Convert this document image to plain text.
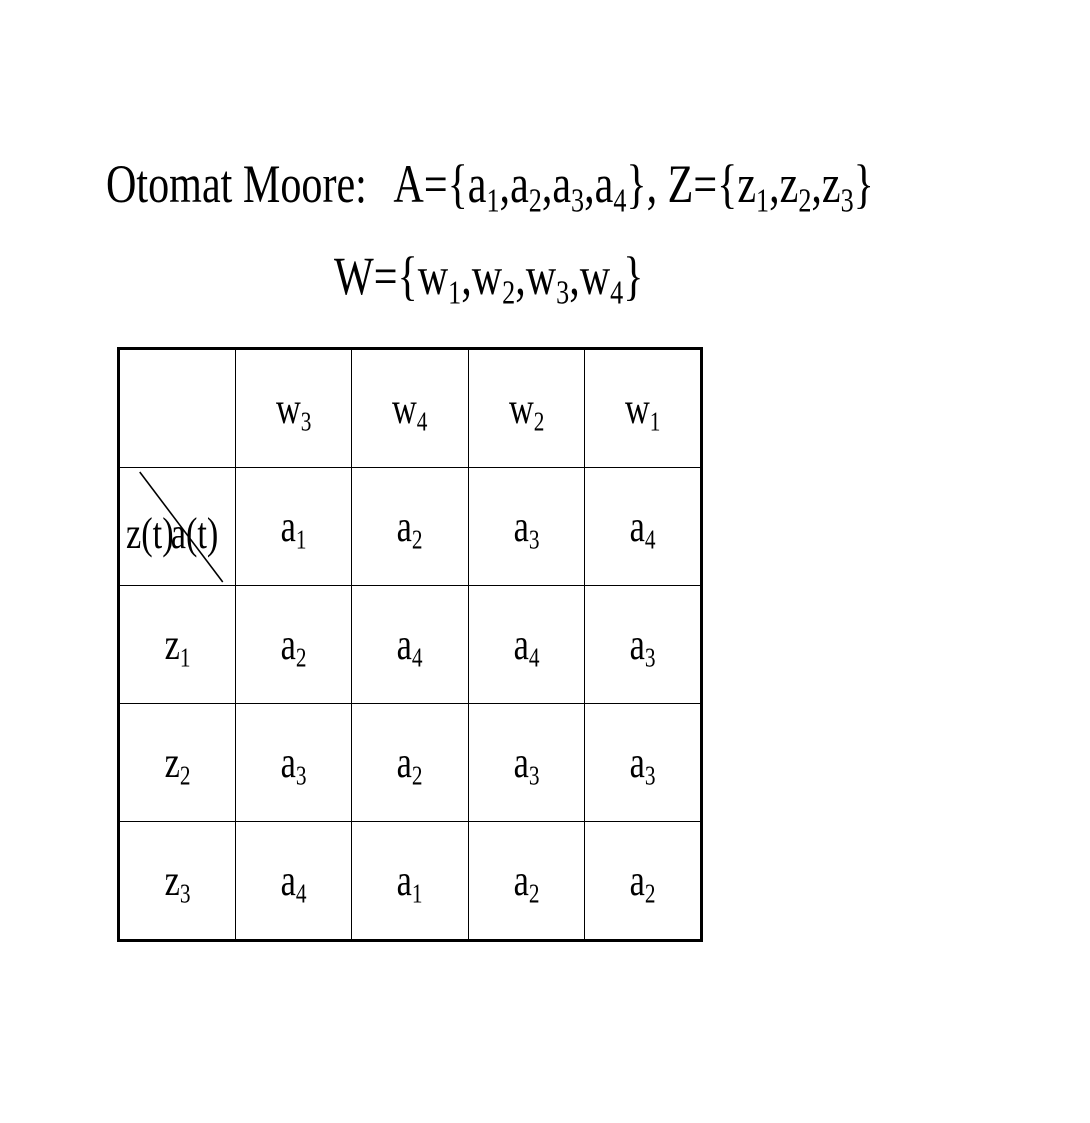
Otomat Moore: $A=\{a_1,a_2,a_3,a_4\}$, $Z=\{z_1,z_2,z_3\}$
$W=\{w_1,w_2,w_3,w_4\}$
	$w_3$	$w_4$	$w_2$	$w_1$

z(t)
a(t)	$a_1$	$a_2$	$a_3$	$a_4$
$z_1$	$a_2$	$a_4$	$a_4$	$a_3$
$z_2$	$a_3$	$a_2$	$a_3$	$a_3$
$z_3$	$a_4$	$a_1$	$a_2$	$a_2$
